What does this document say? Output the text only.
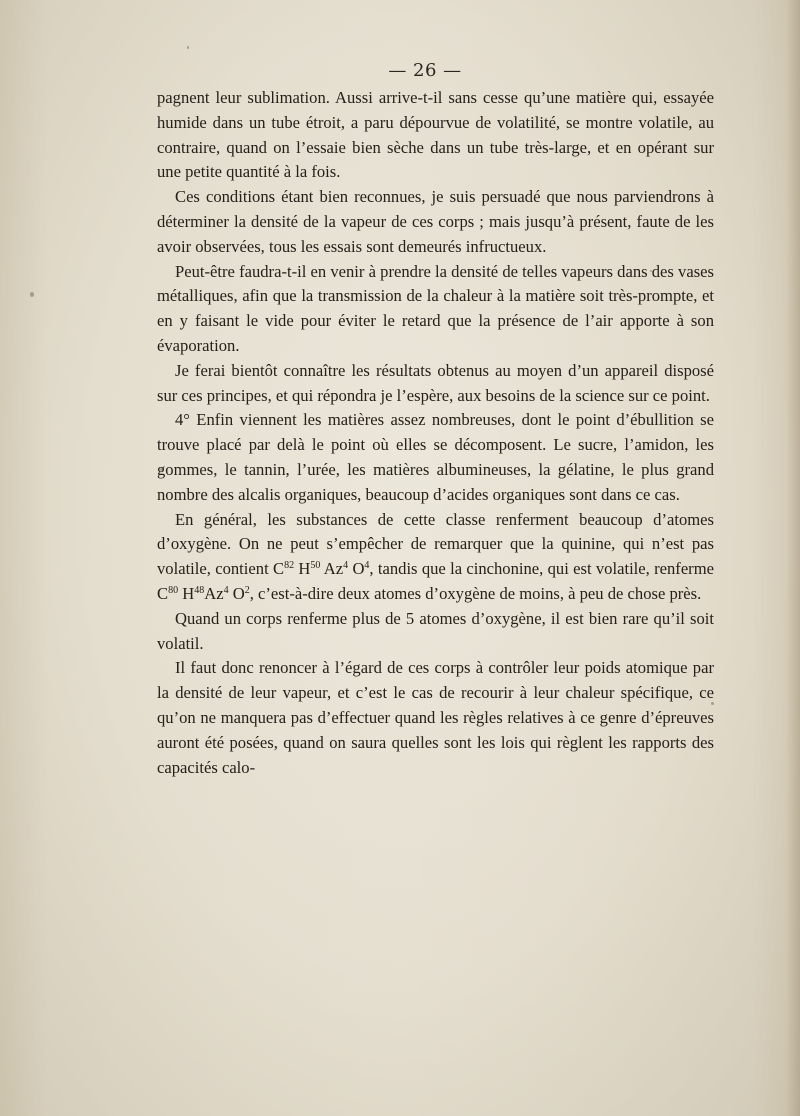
— 26 —

pagnent leur sublimation. Aussi arrive-t-il sans cesse qu’une matière qui, essayée humide dans un tube étroit, a paru dépourvue de volatilité, se montre volatile, au contraire, quand on l’essaie bien sèche dans un tube très-large, et en opérant sur une petite quantité à la fois.

Ces conditions étant bien reconnues, je suis persuadé que nous parviendrons à déterminer la densité de la vapeur de ces corps ; mais jusqu’à présent, faute de les avoir observées, tous les essais sont demeurés infructueux.

Peut-être faudra-t-il en venir à prendre la densité de telles vapeurs dans des vases métalliques, afin que la transmission de la chaleur à la matière soit très-prompte, et en y faisant le vide pour éviter le retard que la présence de l’air apporte à son évaporation.

Je ferai bientôt connaître les résultats obtenus au moyen d’un appareil disposé sur ces principes, et qui répondra je l’espère, aux besoins de la science sur ce point.

4° Enfin viennent les matières assez nombreuses, dont le point d’ébullition se trouve placé par delà le point où elles se décomposent. Le sucre, l’amidon, les gommes, le tannin, l’urée, les matières albumineuses, la gélatine, le plus grand nombre des alcalis organiques, beaucoup d’acides organiques sont dans ce cas.

En général, les substances de cette classe renferment beaucoup d’atomes d’oxygène. On ne peut s’empêcher de remarquer que la quinine, qui n’est pas volatile, contient $C^{82}$ $H^{50}$ Az$^4$ $O^4$, tandis que la cinchonine, qui est volatile, renferme $C^{80}$ $H^{48}Az^4$ $O^2$, c’est-à-dire deux atomes d’oxygène de moins, à peu de chose près.

Quand un corps renferme plus de 5 atomes d’oxygène, il est bien rare qu’il soit volatil.

Il faut donc renoncer à l’égard de ces corps à contrôler leur poids atomique par la densité de leur vapeur, et c’est le cas de recourir à leur chaleur spécifique, ce qu’on ne manquera pas d’effectuer quand les règles relatives à ce genre d’épreuves auront été posées, quand on saura quelles sont les lois qui règlent les rapports des capacités calo-
